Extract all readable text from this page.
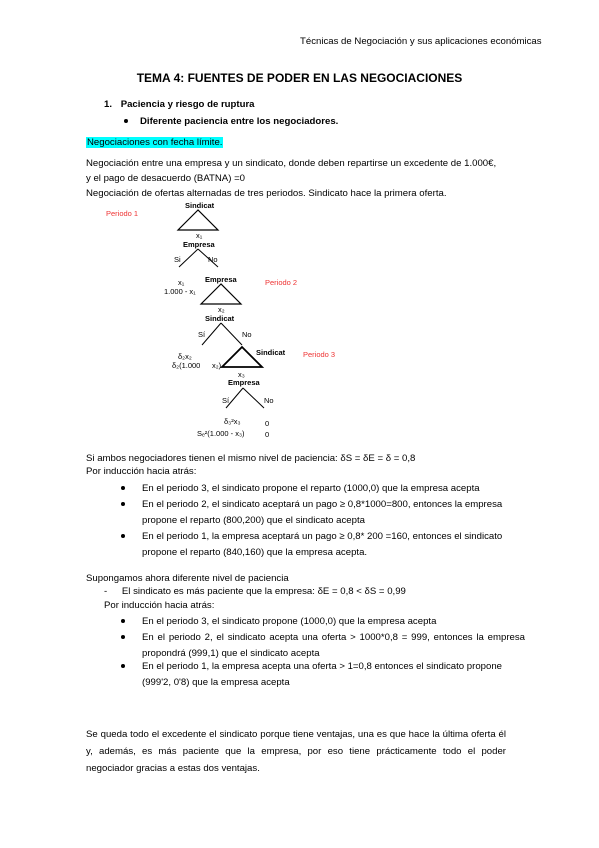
Técnicas de Negociación y sus aplicaciones económicas
TEMA 4: FUENTES DE PODER EN LAS NEGOCIACIONES
1. Paciencia y riesgo de ruptura
Diferente paciencia entre los negociadores.
Negociaciones con fecha límite.
Negociación entre una empresa y un sindicato, donde deben repartirse un excedente de 1.000€,
y el pago de desacuerdo (BATNA) =0
Negociación de ofertas alternadas de tres periodos. Sindicato hace la primera oferta.
Periodo 1
Periodo 2
Periodo 3
Sindicat
x₁
Empresa
Si	No
x₁
1.000 - x₁
Empresa
x₂
Sindicat
Sí	No
δ₂x₂
δ₂(1.000 x₂)
Sindicat
x₃
Empresa
Sí	No
δ₃²x₃	0
Sₑ²(1.000 - x₃)	0
Si ambos negociadores tienen el mismo nivel de paciencia: δS = δE = δ = 0,8
Por inducción hacia atrás:
En el periodo 3, el sindicato propone el reparto (1000,0) que la empresa acepta
En el periodo 2, el sindicato aceptará un pago ≥ 0,8*1000=800, entonces la empresa propone el reparto (800,200) que el sindicato acepta
En el periodo 1, la empresa aceptará un pago ≥ 0,8* 200 =160, entonces el sindicato propone el reparto (840,160) que la empresa acepta.
Supongamos ahora diferente nivel de paciencia
- El sindicato es más paciente que la empresa: δE = 0,8 < δS = 0,99
Por inducción hacia atrás:
En el periodo 3, el sindicato propone (1000,0) que la empresa acepta
En el periodo 2, el sindicato acepta una oferta > 1000*0,8 = 999, entonces la empresa propondrá (999,1) que el sindicato acepta
En el periodo 1, la empresa acepta una oferta > 1=0,8 entonces el sindicato propone (999'2, 0'8) que la empresa acepta
Se queda todo el excedente el sindicato porque tiene ventajas, una es que hace la última oferta él y, además, es más paciente que la empresa, por eso tiene prácticamente todo el poder negociador gracias a estas dos ventajas.
